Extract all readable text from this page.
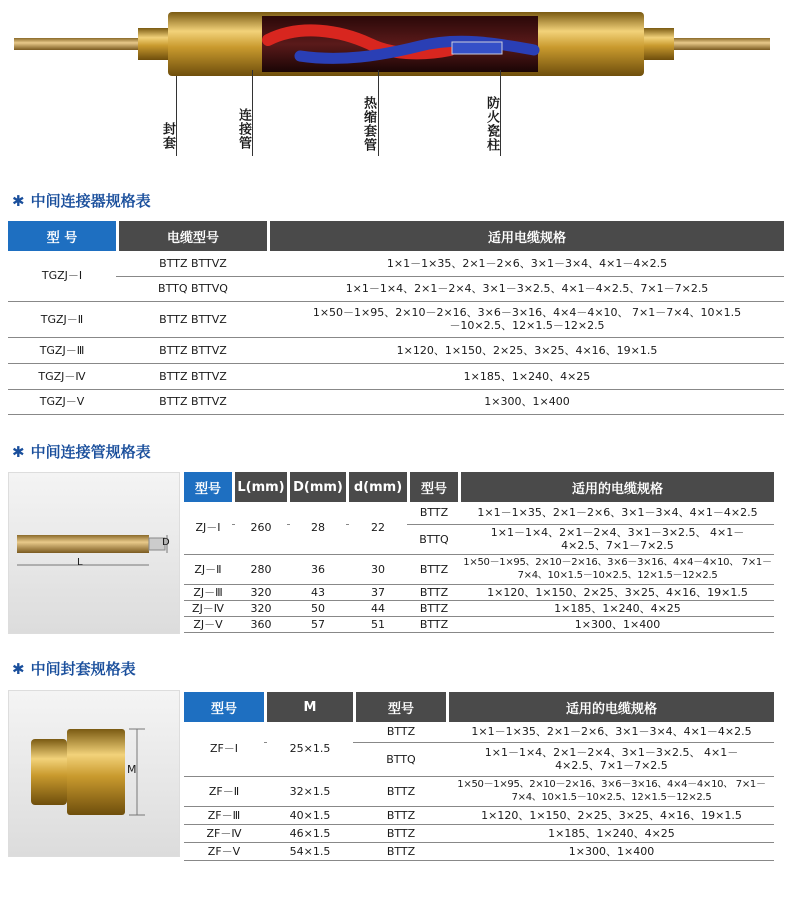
封套	连接管	热缩套管	防火瓷柱
✱ 中间连接器规格表
型 号		电缆型号		适用电缆规格
TGZJ－Ⅰ		BTTZ BTTVZ		1×1－1×35、2×1－2×6、3×1－3×4、4×1－4×2.5
		BTTQ BTTVQ		1×1－1×4、2×1－2×4、3×1－3×2.5、4×1－4×2.5、7×1－7×2.5
TGZJ－Ⅱ		BTTZ BTTVZ		1×50－1×95、2×10－2×16、3×6－3×16、4×4－4×10、 7×1－7×4、10×1.5－10×2.5、12×1.5－12×2.5
TGZJ－Ⅲ		BTTZ BTTVZ		1×120、1×150、2×25、3×25、4×16、19×1.5
TGZJ－Ⅳ		BTTZ BTTVZ		1×185、1×240、4×25
TGZJ－Ⅴ		BTTZ BTTVZ		1×300、1×400
✱ 中间连接管规格表
L
D
型号		L(mm)		D(mm)		d(mm)		型号		适用的电缆规格
ZJ－Ⅰ		260		28		22		BTTZ		1×1－1×35、2×1－2×6、3×1－3×4、4×1－4×2.5
								BTTQ		1×1－1×4、2×1－2×4、3×1－3×2.5、 4×1－4×2.5、7×1－7×2.5
ZJ－Ⅱ		280		36		30		BTTZ		1×50－1×95、2×10－2×16、3×6－3×16、4×4－4×10、 7×1－7×4、10×1.5－10×2.5、12×1.5－12×2.5
ZJ－Ⅲ		320		43		37		BTTZ		1×120、1×150、2×25、3×25、4×16、19×1.5
ZJ－Ⅳ		320		50		44		BTTZ		1×185、1×240、4×25
ZJ－Ⅴ		360		57		51		BTTZ		1×300、1×400
✱ 中间封套规格表
M
型号		M		型号		适用的电缆规格
ZF－Ⅰ		25×1.5		BTTZ		1×1－1×35、2×1－2×6、3×1－3×4、4×1－4×2.5
				BTTQ		1×1－1×4、2×1－2×4、3×1－3×2.5、 4×1－4×2.5、7×1－7×2.5
ZF－Ⅱ		32×1.5		BTTZ		1×50－1×95、2×10－2×16、3×6－3×16、4×4－4×10、 7×1－7×4、10×1.5－10×2.5、12×1.5－12×2.5
ZF－Ⅲ		40×1.5		BTTZ		1×120、1×150、2×25、3×25、4×16、19×1.5
ZF－Ⅳ		46×1.5		BTTZ		1×185、1×240、4×25
ZF－Ⅴ		54×1.5		BTTZ		1×300、1×400
